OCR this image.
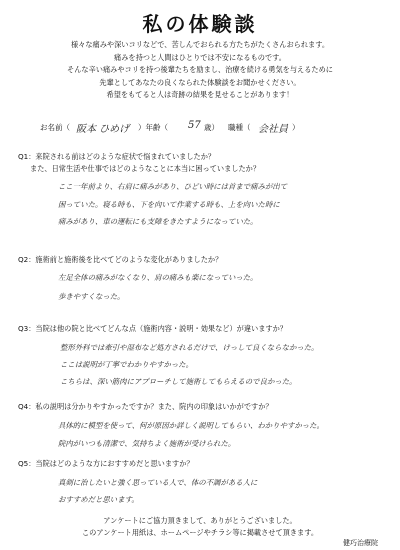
私の体験談
様々な痛みや深いコリなどで、苦しんでおられる方たちがたくさんおられます。
痛みを持つと人間はひとりでは不安になるものです。
そんな辛い痛みやコリを持つ後輩たちを励まし、治療を続ける勇気を与えるために
先輩としてあなたの良くなられた体験談をお聞かせください。
希望をもてると人は奇跡の結果を見せることがあります！
お名前（ 阪本 ひめげ ）年齢（ 57 歳） 職種（ 会社員 ）
Q1：来院される前はどのような症状で悩まれていましたか？
また、日常生活や仕事ではどのようなことに本当に困っていましたか？
ここ一年前より、右肩に痛みがあり、ひどい時には首まで痛みが出て
困っていた。寝る時も、下を向いて作業する時も、上を向いた時に
痛みがあり、車の運転にも支障をきたすようになっていた。
Q2：施術前と施術後を比べてどのような変化がありましたか？
左足全体の痛みがなくなり、肩の痛みも楽になっていった。
歩きやすくなった。
Q3：当院は他の院と比べてどんな点（施術内容・説明・効果など）が違いますか？
整形外科では牽引や湿布など処方されるだけで、けっして良くならなかった。
ここは説明が丁寧でわかりやすかった。
こちらは、深い筋肉にアプローチして施術してもらえるので良かった。
Q4：私の説明は分かりやすかったですか？また、院内の印象はいかがですか？
具体的に模型を使って、何が原因か詳しく説明してもらい、わかりやすかった。
院内がいつも清潔で、気持ちよく施術が受けられた。
Q5：当院はどのような方におすすめだと思いますか？
真剣に治したいと強く思っている人で、体の不調がある人に
おすすめだと思います。
アンケートにご協力頂きまして、ありがとうございました。
このアンケート用紙は、ホームページやチラシ等に掲載させて頂きます。
健巧治療院
